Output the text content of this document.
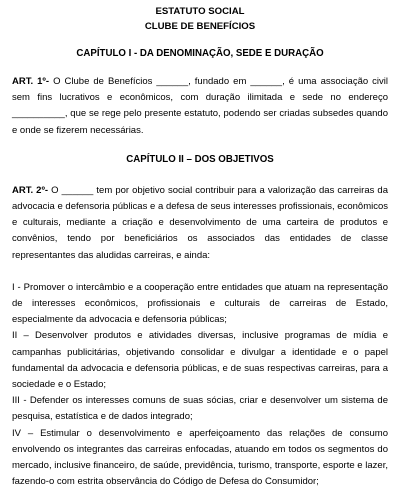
ESTATUTO SOCIAL

CLUBE DE BENEFÍCIOS

CAPÍTULO I - DA DENOMINAÇÃO, SEDE E DURAÇÃO

ART. 1º- O Clube de Benefícios ______, fundado em ______, é uma associação civil sem fins lucrativos e econômicos, com duração ilimitada e sede no endereço __________, que se rege pelo presente estatuto, podendo ser criadas subsedes quando e onde se fizerem necessárias.

CAPÍTULO II – DOS OBJETIVOS

ART. 2º- O ______ tem por objetivo social contribuir para a valorização das carreiras da advocacia e defensoria públicas e a defesa de seus interesses profissionais, econômicos e culturais, mediante a criação e desenvolvimento de uma carteira de produtos e convênios, tendo por beneficiários os associados das entidades de classe representantes das aludidas carreiras, e ainda:

I - Promover o intercâmbio e a cooperação entre entidades que atuam na representação de interesses econômicos, profissionais e culturais de carreiras de Estado, especialmente da advocacia e defensoria públicas;

II – Desenvolver produtos e atividades diversas, inclusive programas de mídia e campanhas publicitárias, objetivando consolidar e divulgar a identidade e o papel fundamental da advocacia e defensoria públicas, e de suas respectivas carreiras, para a sociedade e o Estado;

III - Defender os interesses comuns de suas sócias, criar e desenvolver um sistema de pesquisa, estatística e de dados integrado;

IV – Estimular o desenvolvimento e aperfeiçoamento das relações de consumo envolvendo os integrantes das carreiras enfocadas, atuando em todos os segmentos do mercado, inclusive financeiro, de saúde, previdência, turismo, transporte, esporte e lazer, fazendo-o com estrita observância do Código de Defesa do Consumidor;
